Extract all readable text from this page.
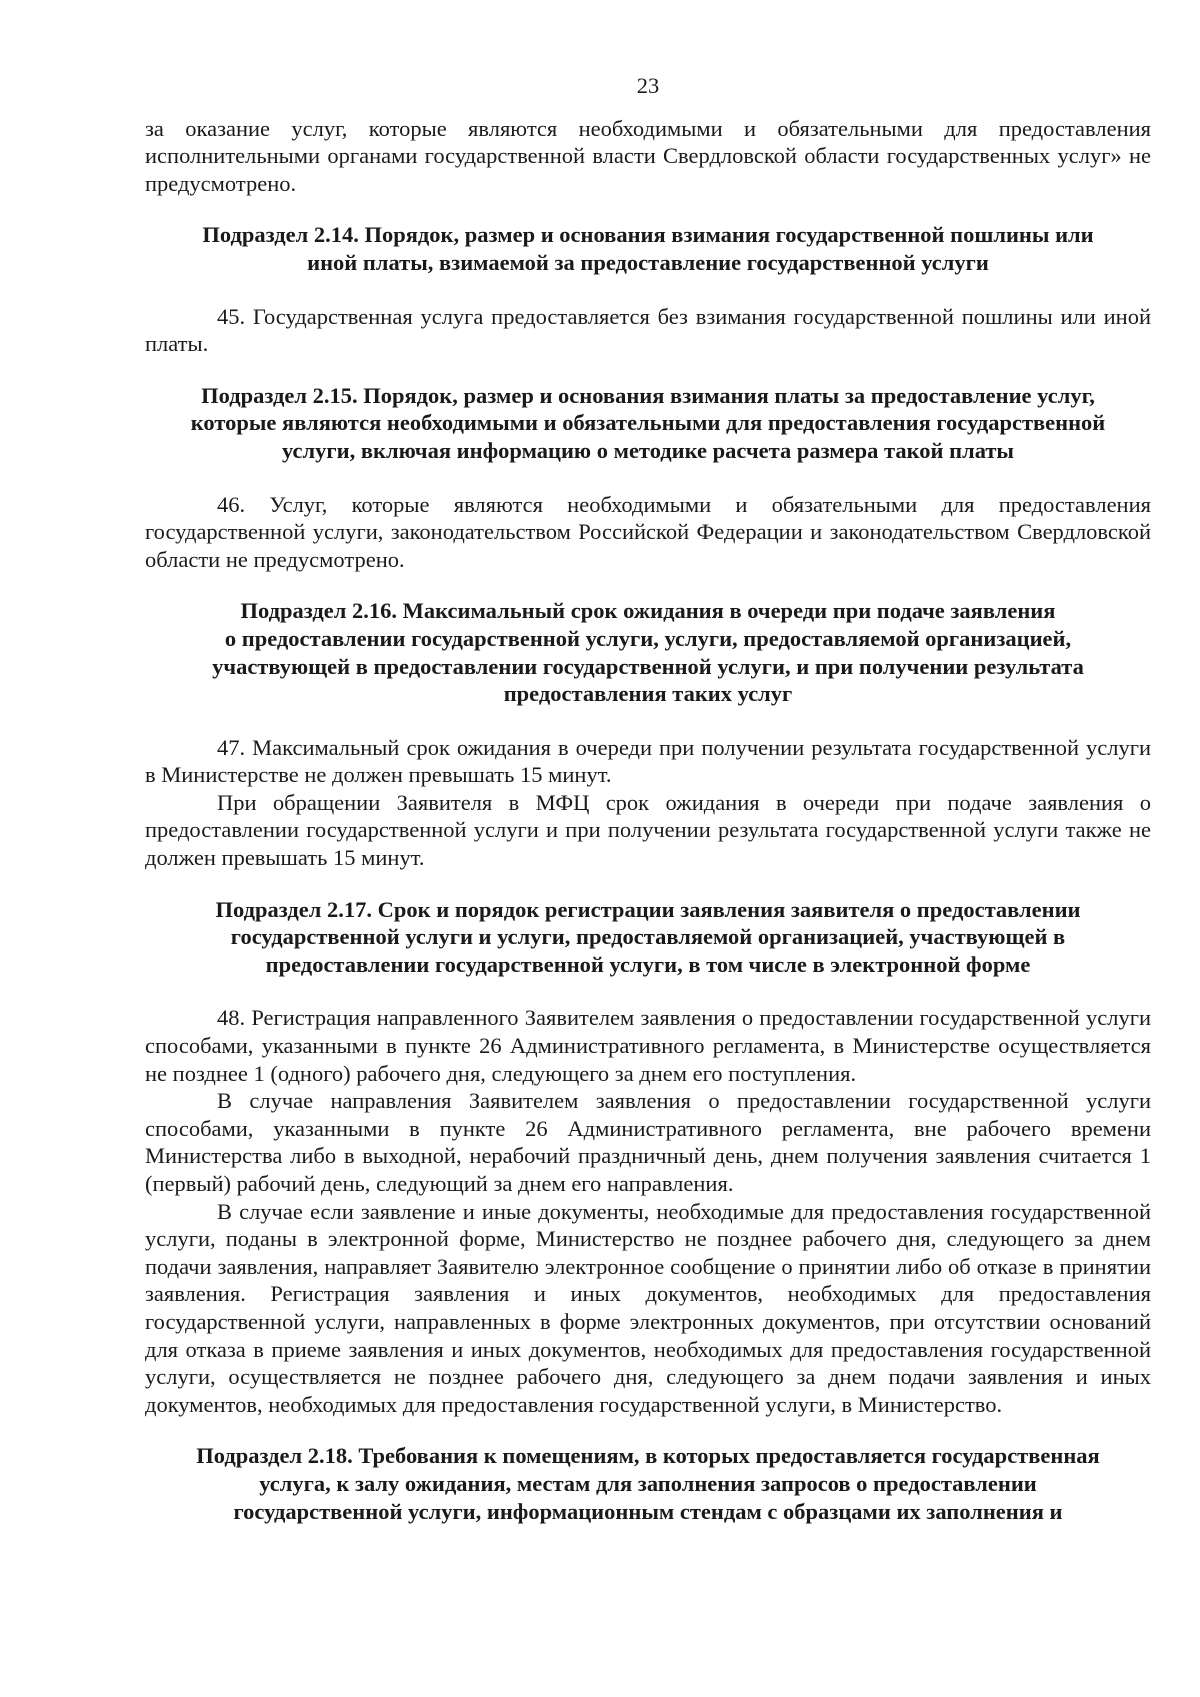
23
за оказание услуг, которые являются необходимыми и обязательными для предоставления исполнительными органами государственной власти Свердловской области государственных услуг» не предусмотрено.
Подраздел 2.14. Порядок, размер и основания взимания государственной пошлины или
иной платы, взимаемой за предоставление государственной услуги
45. Государственная услуга предоставляется без взимания государственной пошлины или иной платы.
Подраздел 2.15. Порядок, размер и основания взимания платы за предоставление услуг,
которые являются необходимыми и обязательными для предоставления государственной
услуги, включая информацию о методике расчета размера такой платы
46. Услуг, которые являются необходимыми и обязательными для предоставления государственной услуги, законодательством Российской Федерации и законодательством Свердловской области не предусмотрено.
Подраздел 2.16. Максимальный срок ожидания в очереди при подаче заявления
о предоставлении государственной услуги, услуги, предоставляемой организацией,
участвующей в предоставлении государственной услуги, и при получении результата
предоставления таких услуг
47. Максимальный срок ожидания в очереди при получении результата государственной услуги в Министерстве не должен превышать 15 минут.
При обращении Заявителя в МФЦ срок ожидания в очереди при подаче заявления о предоставлении государственной услуги и при получении результата государственной услуги также не должен превышать 15 минут.
Подраздел 2.17. Срок и порядок регистрации заявления заявителя о предоставлении
государственной услуги и услуги, предоставляемой организацией, участвующей в
предоставлении государственной услуги, в том числе в электронной форме
48. Регистрация направленного Заявителем заявления о предоставлении государственной услуги способами, указанными в пункте 26 Административного регламента, в Министерстве осуществляется не позднее 1 (одного) рабочего дня, следующего за днем его поступления.
В случае направления Заявителем заявления о предоставлении государственной услуги способами, указанными в пункте 26 Административного регламента, вне рабочего времени Министерства либо в выходной, нерабочий праздничный день, днем получения заявления считается 1 (первый) рабочий день, следующий за днем его направления.
В случае если заявление и иные документы, необходимые для предоставления государственной услуги, поданы в электронной форме, Министерство не позднее рабочего дня, следующего за днем подачи заявления, направляет Заявителю электронное сообщение о принятии либо об отказе в принятии заявления. Регистрация заявления и иных документов, необходимых для предоставления государственной услуги, направленных в форме электронных документов, при отсутствии оснований для отказа в приеме заявления и иных документов, необходимых для предоставления государственной услуги, осуществляется не позднее рабочего дня, следующего за днем подачи заявления и иных документов, необходимых для предоставления государственной услуги, в Министерство.
Подраздел 2.18. Требования к помещениям, в которых предоставляется государственная
услуга, к залу ожидания, местам для заполнения запросов о предоставлении
государственной услуги, информационным стендам с образцами их заполнения и
